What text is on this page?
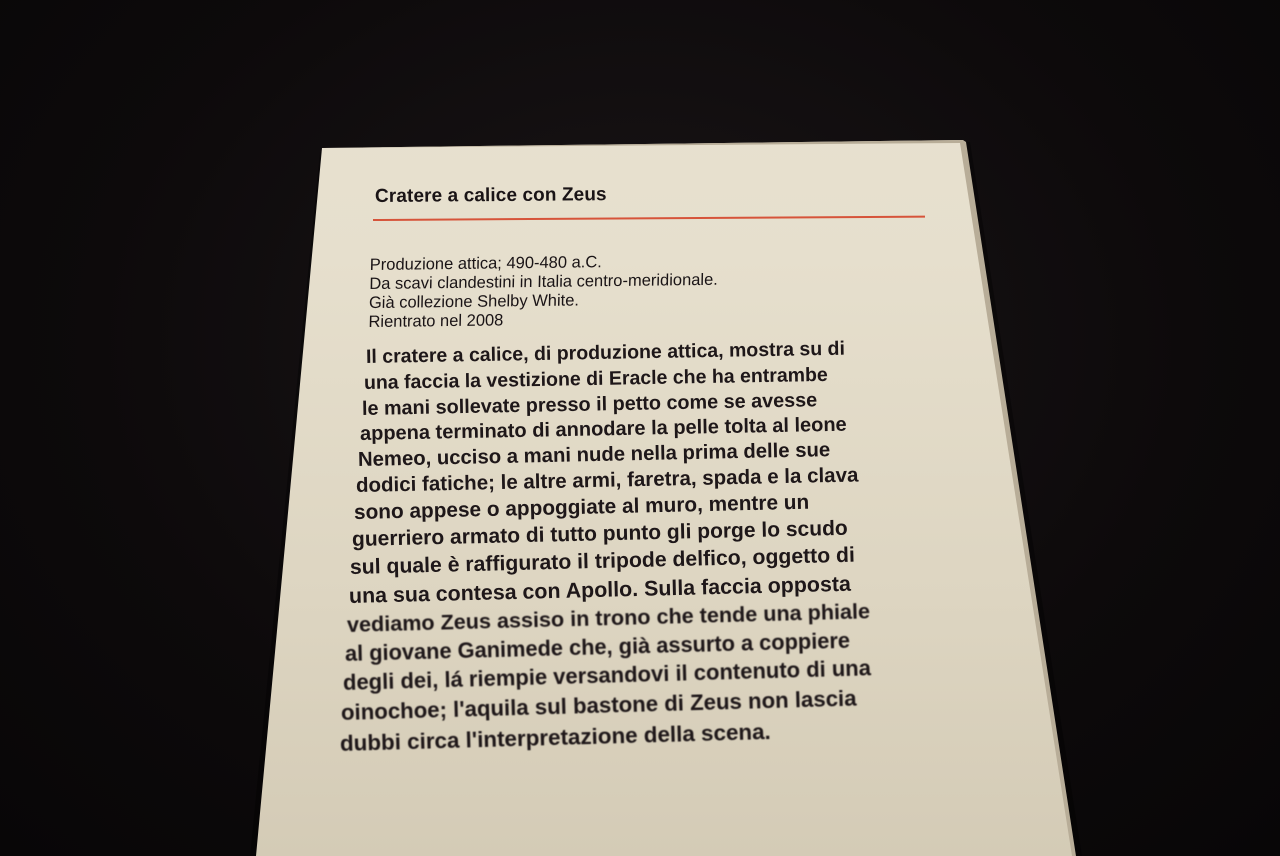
Cratere a calice con Zeus
Produzione attica; 490-480 a.C.
Da scavi clandestini in Italia centro-meridionale.
Già collezione Shelby White.
Rientrato nel 2008
Il cratere a calice, di produzione attica, mostra su di
una faccia la vestizione di Eracle che ha entrambe
le mani sollevate presso il petto come se avesse
appena terminato di annodare la pelle tolta al leone
Nemeo, ucciso a mani nude nella prima delle sue
dodici fatiche; le altre armi, faretra, spada e la clava
sono appese o appoggiate al muro, mentre un
guerriero armato di tutto punto gli porge lo scudo
sul quale è raffigurato il tripode delfico, oggetto di
una sua contesa con Apollo. Sulla faccia opposta
vediamo Zeus assiso in trono che tende una phiale
al giovane Ganimede che, già assurto a coppiere
degli dei, lá riempie versandovi il contenuto di una
oinochoe; l'aquila sul bastone di Zeus non lascia
dubbi circa l'interpretazione della scena.
